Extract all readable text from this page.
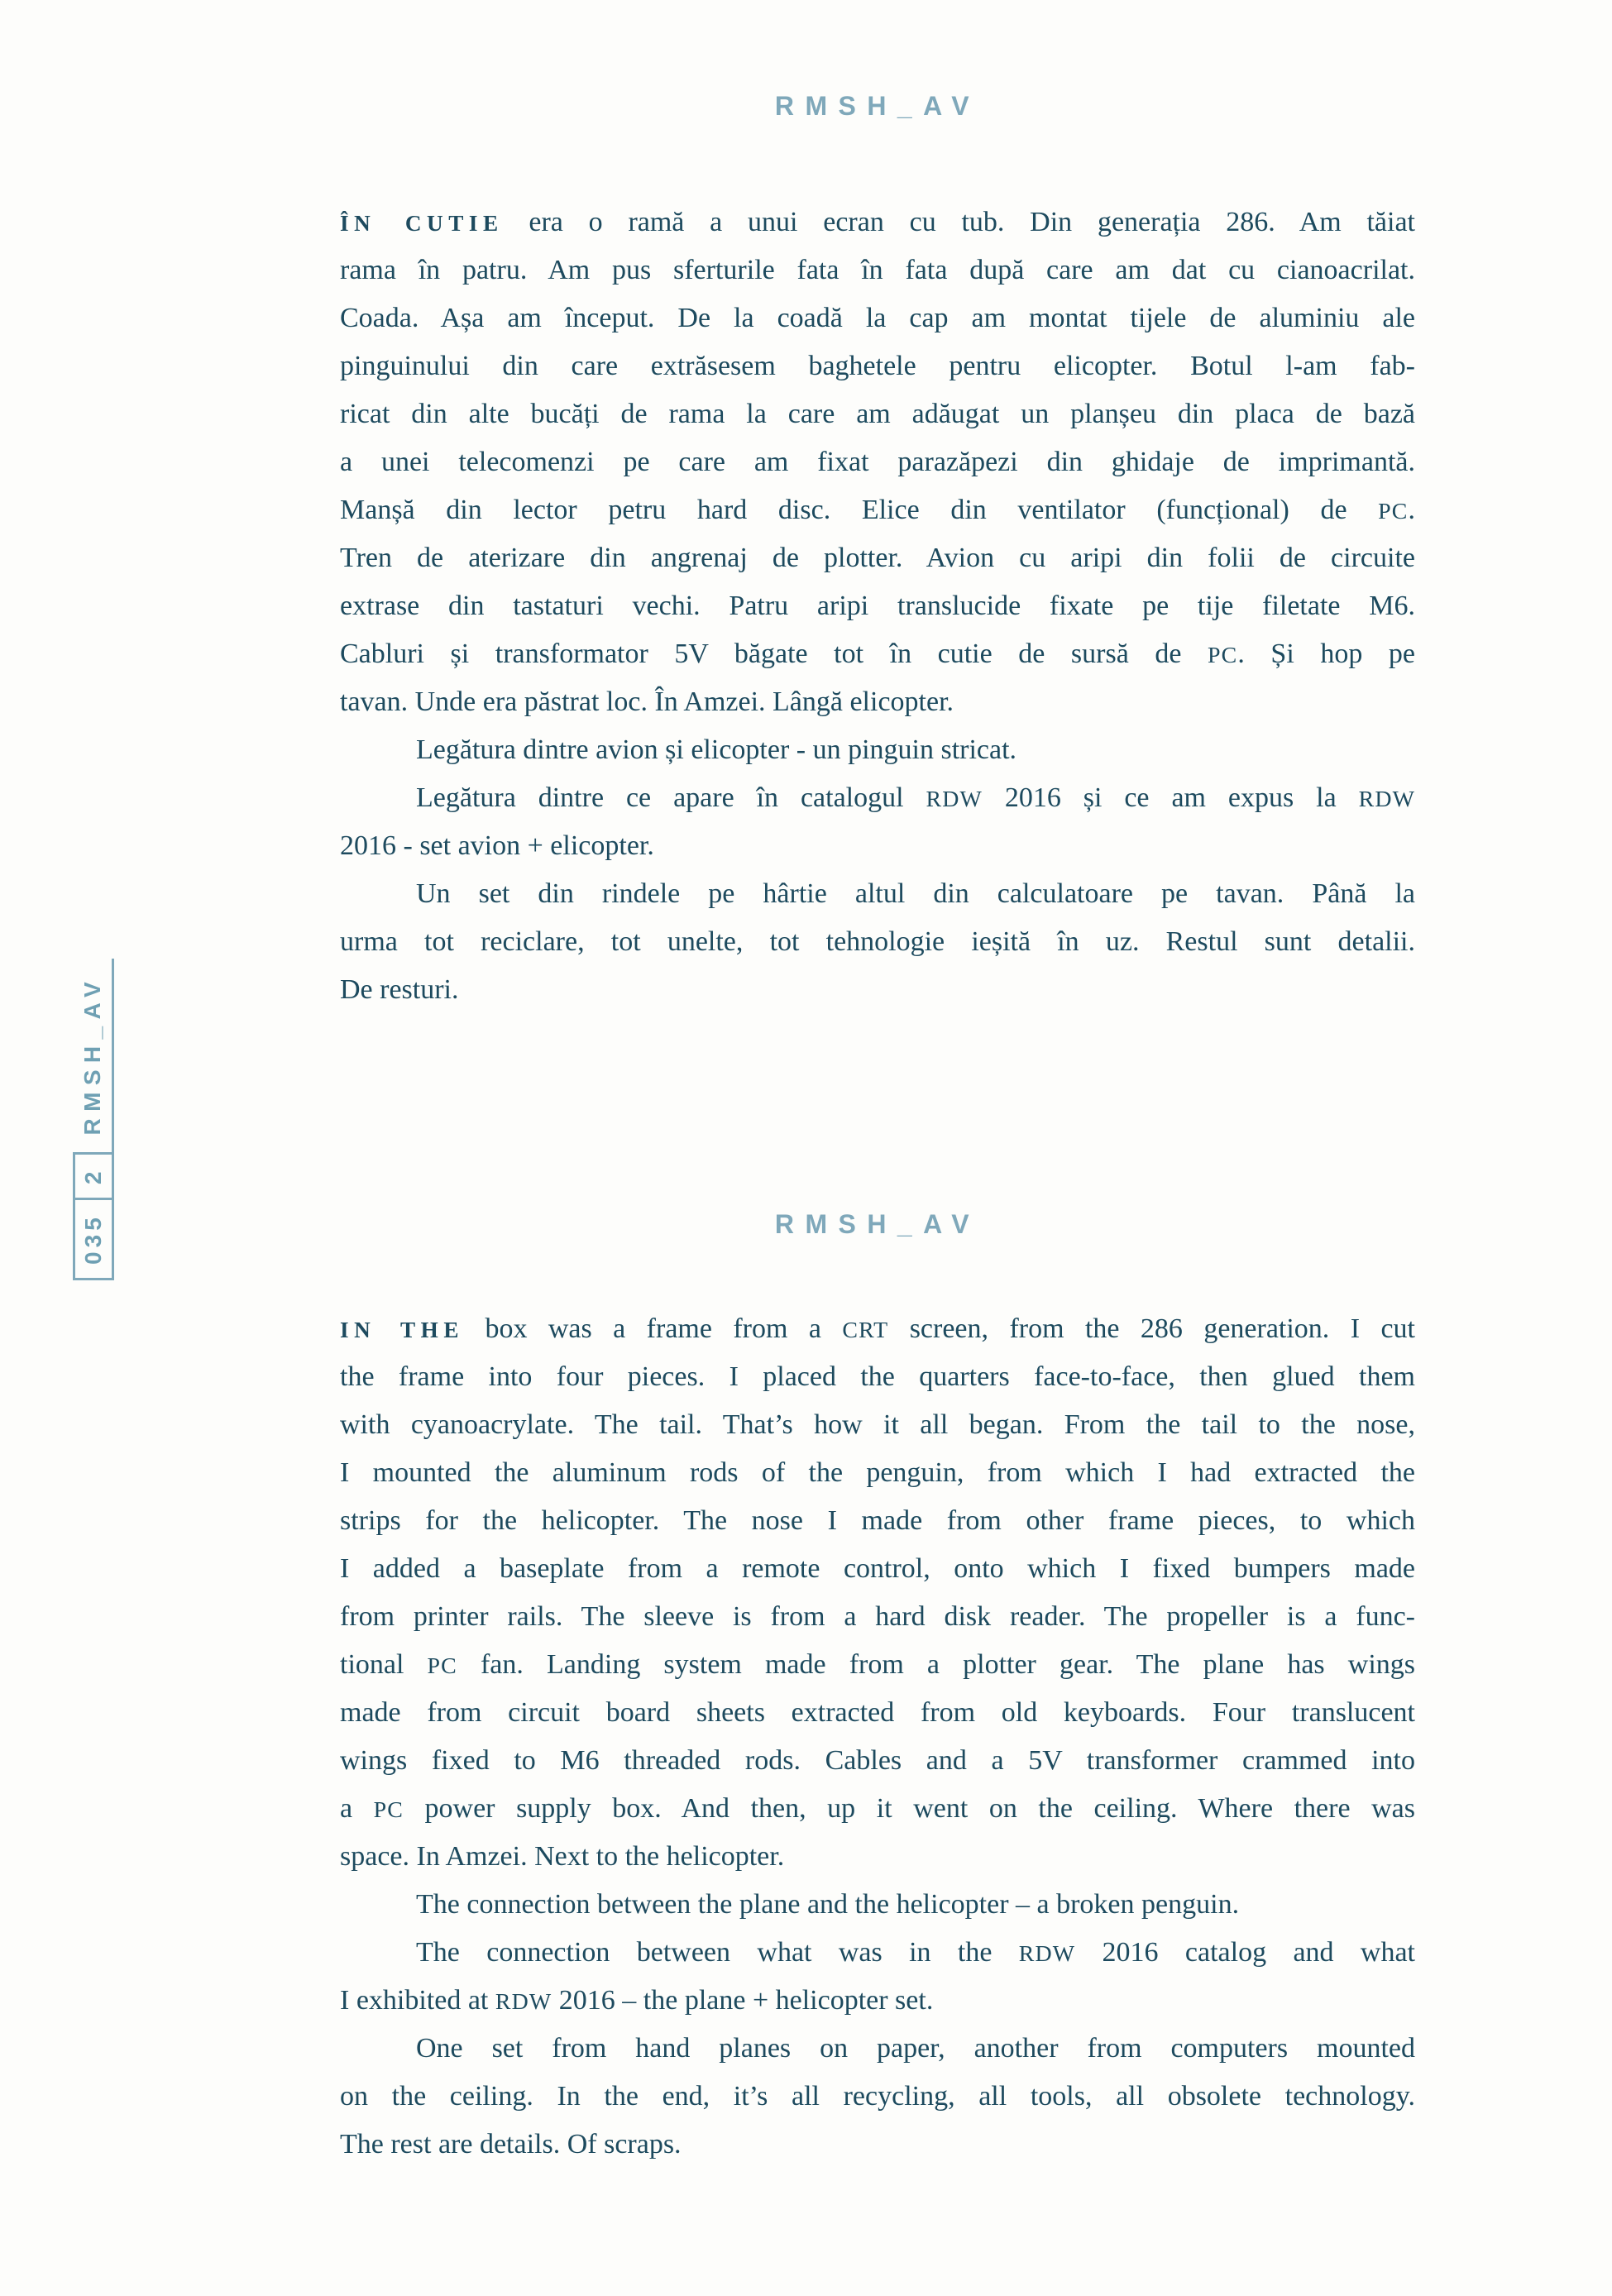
RMSH_AV
ÎN CUTIE era o ramă a unui ecran cu tub. Din generația 286. Am tăiat
rama în patru. Am pus sferturile fata în fata după care am dat cu cianoacrilat.
Coada. Așa am început. De la coadă la cap am montat tijele de aluminiu ale
pinguinului din care extrăsesem baghetele pentru elicopter. Botul l-am fab-
ricat din alte bucăți de rama la care am adăugat un planșeu din placa de bază
a unei telecomenzi pe care am fixat parazăpezi din ghidaje de imprimantă.
Manșă din lector petru hard disc. Elice din ventilator (funcțional) de PC.
Tren de aterizare din angrenaj de plotter. Avion cu aripi din folii de circuite
extrase din tastaturi vechi. Patru aripi translucide fixate pe tije filetate M6.
Cabluri și transformator 5V băgate tot în cutie de sursă de PC. Și hop pe
tavan. Unde era păstrat loc. În Amzei. Lângă elicopter.
Legătura dintre avion și elicopter - un pinguin stricat.
Legătura dintre ce apare în catalogul RDW 2016 și ce am expus la RDW
2016 - set avion + elicopter.
Un set din rindele pe hârtie altul din calculatoare pe tavan. Până la
urma tot reciclare, tot unelte, tot tehnologie ieșită în uz. Restul sunt detalii.
De resturi.
035
2
RMSH_AV
RMSH_AV
IN THE box was a frame from a CRT screen, from the 286 generation. I cut
the frame into four pieces. I placed the quarters face-to-face, then glued them
with cyanoacrylate. The tail. That’s how it all began. From the tail to the nose,
I mounted the aluminum rods of the penguin, from which I had extracted the
strips for the helicopter. The nose I made from other frame pieces, to which
I added a baseplate from a remote control, onto which I fixed bumpers made
from printer rails. The sleeve is from a hard disk reader. The propeller is a func-
tional PC fan. Landing system made from a plotter gear. The plane has wings
made from circuit board sheets extracted from old keyboards. Four translucent
wings fixed to M6 threaded rods. Cables and a 5V transformer crammed into
a PC power supply box. And then, up it went on the ceiling. Where there was
space. In Amzei. Next to the helicopter.
The connection between the plane and the helicopter – a broken penguin.
The connection between what was in the RDW 2016 catalog and what
I exhibited at RDW 2016 – the plane + helicopter set.
One set from hand planes on paper, another from computers mounted
on the ceiling. In the end, it’s all recycling, all tools, all obsolete technology.
The rest are details. Of scraps.
